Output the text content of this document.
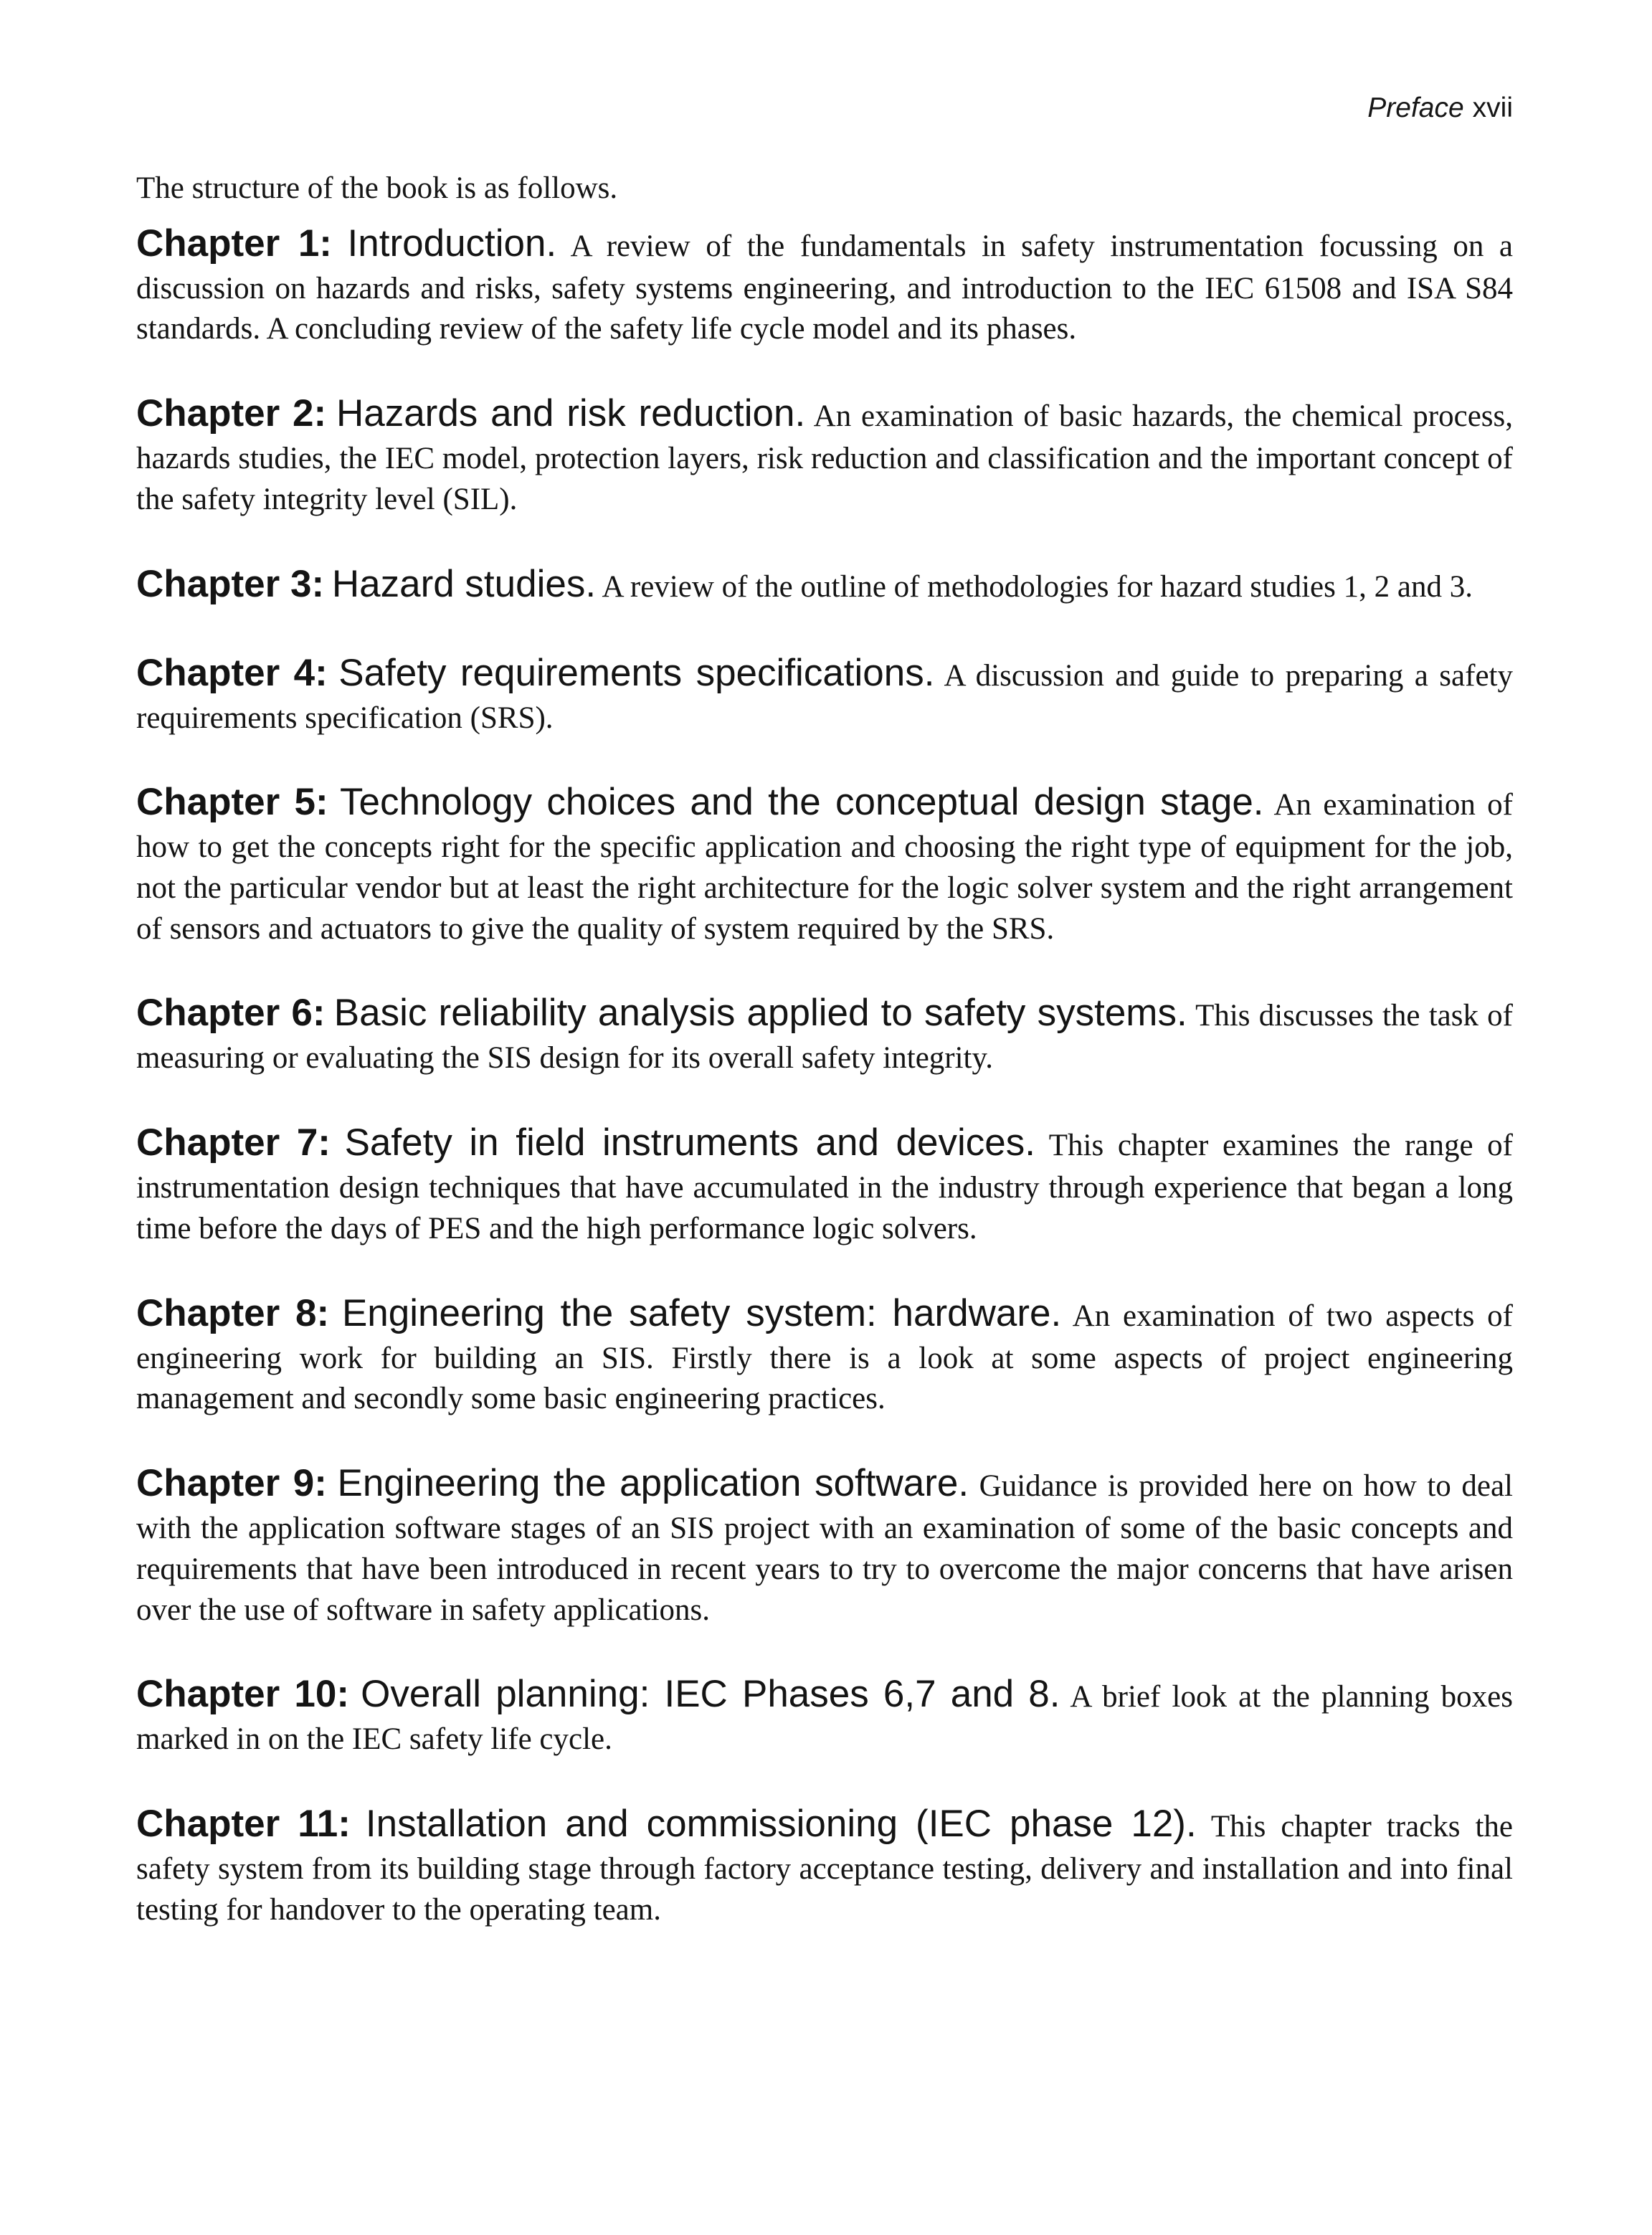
Preface xvii

The structure of the book is as follows.

Chapter 1: Introduction. A review of the fundamentals in safety instrumentation focussing on a discussion on hazards and risks, safety systems engineering, and introduction to the IEC 61508 and ISA S84 standards. A concluding review of the safety life cycle model and its phases.

Chapter 2: Hazards and risk reduction. An examination of basic hazards, the chemical process, hazards studies, the IEC model, protection layers, risk reduction and classification and the important concept of the safety integrity level (SIL).

Chapter 3: Hazard studies. A review of the outline of methodologies for hazard studies 1, 2 and 3.

Chapter 4: Safety requirements specifications. A discussion and guide to preparing a safety requirements specification (SRS).

Chapter 5: Technology choices and the conceptual design stage. An examination of how to get the concepts right for the specific application and choosing the right type of equipment for the job, not the particular vendor but at least the right architecture for the logic solver system and the right arrangement of sensors and actuators to give the quality of system required by the SRS.

Chapter 6: Basic reliability analysis applied to safety systems. This discusses the task of measuring or evaluating the SIS design for its overall safety integrity.

Chapter 7: Safety in field instruments and devices. This chapter examines the range of instrumentation design techniques that have accumulated in the industry through experience that began a long time before the days of PES and the high performance logic solvers.

Chapter 8: Engineering the safety system: hardware. An examination of two aspects of engineering work for building an SIS. Firstly there is a look at some aspects of project engineering management and secondly some basic engineering practices.

Chapter 9: Engineering the application software. Guidance is provided here on how to deal with the application software stages of an SIS project with an examination of some of the basic concepts and requirements that have been introduced in recent years to try to overcome the major concerns that have arisen over the use of software in safety applications.

Chapter 10: Overall planning: IEC Phases 6,7 and 8. A brief look at the planning boxes marked in on the IEC safety life cycle.

Chapter 11: Installation and commissioning (IEC phase 12). This chapter tracks the safety system from its building stage through factory acceptance testing, delivery and installation and into final testing for handover to the operating team.
